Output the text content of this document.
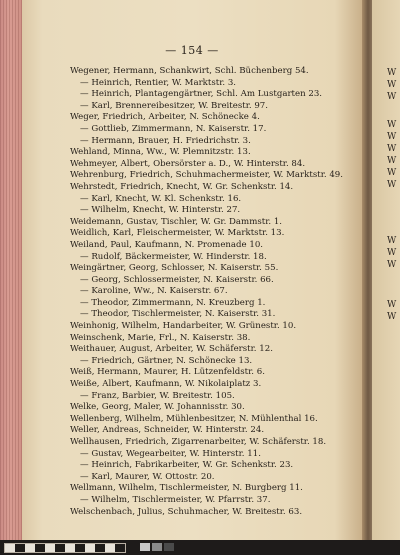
— 154 —
Wegener, Hermann, Schankwirt, Schl. Büchenberg 54.
— Heinrich, Rentier, W. Marktstr. 3.
— Heinrich, Plantagengärtner, Schl. Am Lustgarten 23.
— Karl, Brennereibesitzer, W. Breitestr. 97.
Weger, Friedrich, Arbeiter, N. Schönecke 4.
— Gottlieb, Zimmermann, N. Kaiserstr. 17.
— Hermann, Brauer, H. Friedrichstr. 3.
Wehland, Minna, Ww., W. Plemnitzstr. 13.
Wehmeyer, Albert, Obersörster a. D., W. Hinterstr. 84.
Wehrenburg, Friedrich, Schuhmachermeister, W. Marktstr. 49.
Wehrstedt, Friedrich, Knecht, W. Gr. Schenkstr. 14.
— Karl, Knecht, W. Kl. Schenkstr. 16.
— Wilhelm, Knecht, W. Hinterstr. 27.
Weidemann, Gustav, Tischler, W. Gr. Dammstr. 1.
Weidlich, Karl, Fleischermeister, W. Marktstr. 13.
Weiland, Paul, Kaufmann, N. Promenade 10.
— Rudolf, Bäckermeister, W. Hinderstr. 18.
Weingärtner, Georg, Schlosser, N. Kaiserstr. 55.
— Georg, Schlossermeister, N. Kaiserstr. 66.
— Karoline, Ww., N. Kaiserstr. 67.
— Theodor, Zimmermann, N. Kreuzberg 1.
— Theodor, Tischlermeister, N. Kaiserstr. 31.
Weinhonig, Wilhelm, Handarbeiter, W. Grünestr. 10.
Weinschenk, Marie, Frl., N. Kaiserstr. 38.
Weithauer, August, Arbeiter, W. Schäferstr. 12.
— Friedrich, Gärtner, N. Schönecke 13.
Weiß, Hermann, Maurer, H. Lützenfeldstr. 6.
Weiße, Albert, Kaufmann, W. Nikolaiplatz 3.
— Franz, Barbier, W. Breitestr. 105.
Welke, Georg, Maler, W. Johannisstr. 30.
Wellenberg, Wilhelm, Mühlenbesitzer, N. Mühlenthal 16.
Weller, Andreas, Schneider, W. Hinterstr. 24.
Wellhausen, Friedrich, Zigarrenarbeiter, W. Schäferstr. 18.
— Gustav, Wegearbeiter, W. Hinterstr. 11.
— Heinrich, Fabrikarbeiter, W. Gr. Schenkstr. 23.
— Karl, Maurer, W. Ottostr. 20.
Wellmann, Wilhelm, Tischlermeister, N. Burgberg 11.
— Wilhelm, Tischlermeister, W. Pfarrstr. 37.
Welschenbach, Julius, Schuhmacher, W. Breitestr. 63.
W
W
W
W
W
W
W
W
W
W
W
W
W
W
